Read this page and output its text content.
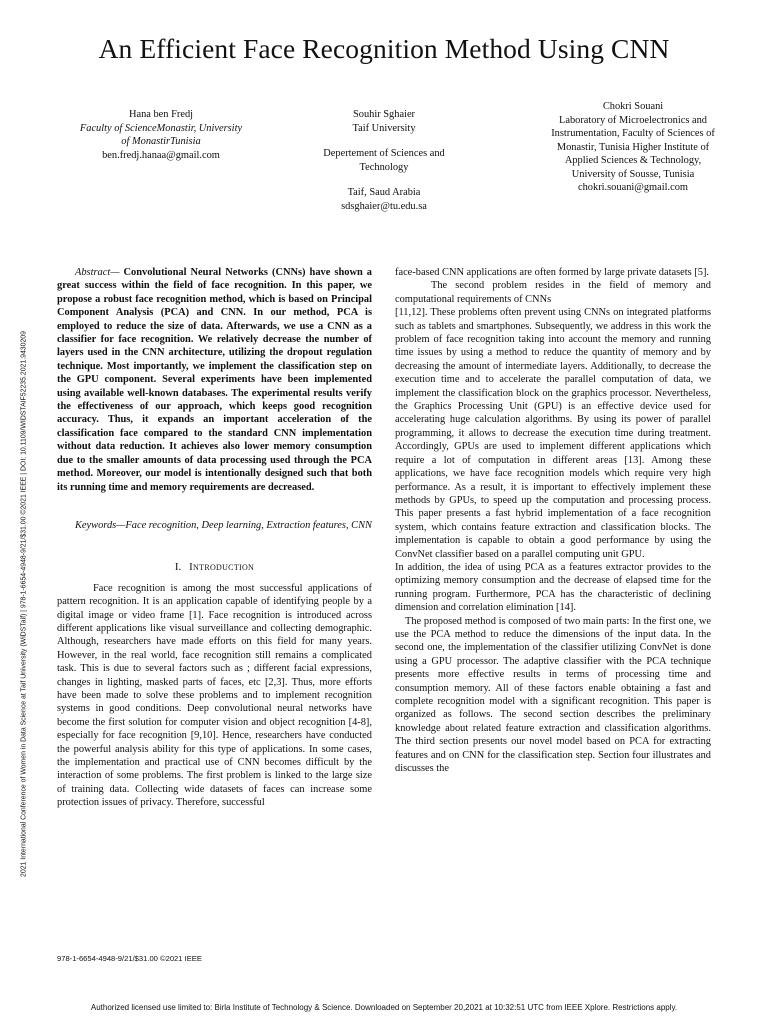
An Efficient Face Recognition Method Using CNN
Hana ben Fredj
Faculty of ScienceMonastir, University
of MonastirTunisia
ben.fredj.hanaa@gmail.com
Souhir Sghaier
Taif University
Depertement of Sciences and
Technology
Taif, Saud Arabia
sdsghaier@tu.edu.sa
Chokri Souani
Laboratory of Microelectronics and
Instrumentation, Faculty of Sciences of
Monastir, Tunisia Higher Institute of
Applied Sciences & Technology,
University of Sousse, Tunisia
chokri.souani@gmail.com
2021 International Conference of Women in Data Science at Taif University (WiDSTaif) | 978-1-6654-4948-9/21/$31.00 ©2021 IEEE | DOI: 10.1109/WIDSTAIF52235.2021.9430209

Abstract— Convolutional Neural Networks (CNNs) have shown a great success within the field of face recognition. In this paper, we propose a robust face recognition method, which is based on Principal Component Analysis (PCA) and CNN. In our method, PCA is employed to reduce the size of data. Afterwards, we use a CNN as a classifier for face recognition. We relatively decrease the number of layers used in the CNN architecture, utilizing the dropout regulation technique. Most importantly, we implement the classification step on the GPU component. Several experiments have been implemented using available well-known databases. The experimental results verify the effectiveness of our approach, which keeps good recognition accuracy. Thus, it expands an important acceleration of the classification face compared to the standard CNN implementation without data reduction. It achieves also lower memory consumption due to the smaller amounts of data processing used through the PCA method. Moreover, our model is intentionally designed such that both its running time and memory requirements are decreased.

Keywords—Face recognition, Deep learning, Extraction features, CNN

I. Introduction

Face recognition is among the most successful applications of pattern recognition. It is an application capable of identifying people by a digital image or video frame [1]. Face recognition is introduced across different applications like visual surveillance and collecting demographic. Although, researchers have made efforts on this field for many years. However, in the real world, face recognition still remains a complicated task. This is due to several factors such as ; different facial expressions, changes in lighting, masked parts of faces, etc [2,3]. Thus, more efforts have been made to solve these problems and to implement recognition systems in good conditions. Deep convolutional neural networks have become the first solution for computer vision and object recognition [4-8], especially for face recognition [9,10]. Hence, researchers have conducted the powerful analysis ability for this type of applications. In some cases, the implementation and practical use of CNN becomes difficult by the interaction of some problems. The first problem is linked to the large size of training data. Collecting wide datasets of faces can increase some protection issues of privacy. Therefore, successful

face-based CNN applications are often formed by large private datasets [5].

The second problem resides in the field of memory and computational requirements of CNNs

[11,12]. These problems often prevent using CNNs on integrated platforms such as tablets and smartphones. Subsequently, we address in this work the problem of face recognition taking into account the memory and running time issues by using a method to reduce the quantity of memory and by decreasing the amount of intermediate layers. Additionally, to decrease the execution time and to accelerate the parallel computation of data, we implement the classification block on the graphics processor. Nevertheless, the Graphics Processing Unit (GPU) is an effective device used for accelerating huge calculation algorithms. By using its power of parallel programming, it allows to decrease the execution time during treatment. Accordingly, GPUs are used to implement different applications which require a lot of computation in different areas [13]. Among these applications, we have face recognition models which require very high performance. As a result, it is important to effectively implement these methods by GPUs, to speed up the computation and processing process. This paper presents a fast hybrid implementation of a face recognition system, which contains feature extraction and classification blocks. The implementation is capable to obtain a good performance by using the ConvNet classifier based on a parallel computing unit GPU.

In addition, the idea of using PCA as a features extractor provides to the optimizing memory consumption and the decrease of elapsed time for the running program. Furthermore, PCA has the characteristic of declining dimension and correlation elimination [14].

The proposed method is composed of two main parts: In the first one, we use the PCA method to reduce the dimensions of the input data. In the second one, the implementation of the classifier utilizing ConvNet is done using a GPU processor. The adaptive classifier with the PCA technique presents more effective results in terms of processing time and consumption memory. All of these factors enable obtaining a fast and complete recognition model with a significant recognition. This paper is organized as follows. The second section describes the preliminary knowledge about related feature extraction and classification algorithms. The third section presents our novel model based on PCA for extracting features and on CNN for the classification step. Section four illustrates and discusses the

978-1-6654-4948-9/21/$31.00 ©2021 IEEE
Authorized licensed use limited to: Birla Institute of Technology & Science. Downloaded on September 20,2021 at 10:32:51 UTC from IEEE Xplore. Restrictions apply.
